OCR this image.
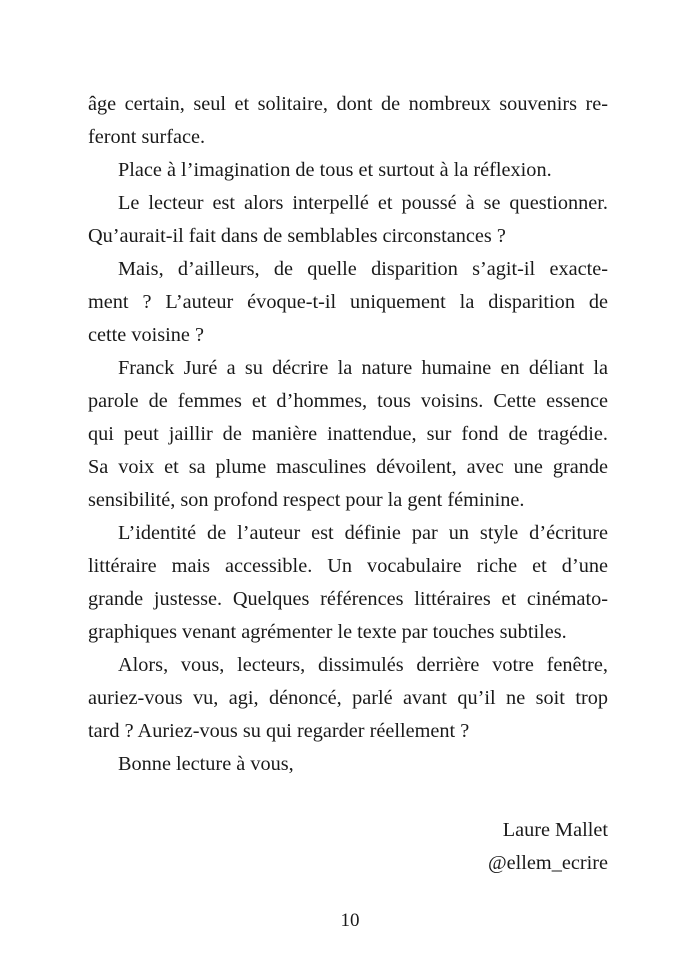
âge certain, seul et solitaire, dont de nombreux souvenirs re-
feront surface.
Place à l’imagination de tous et surtout à la réflexion.
Le lecteur est alors interpellé et poussé à se questionner.
Qu’aurait-il fait dans de semblables circonstances ?
Mais, d’ailleurs, de quelle disparition s’agit-il exacte-
ment ? L’auteur évoque-t-il uniquement la disparition de
cette voisine ?
Franck Juré a su décrire la nature humaine en déliant la
parole de femmes et d’hommes, tous voisins. Cette essence
qui peut jaillir de manière inattendue, sur fond de tragédie.
Sa voix et sa plume masculines dévoilent, avec une grande
sensibilité, son profond respect pour la gent féminine.
L’identité de l’auteur est définie par un style d’écriture
littéraire mais accessible. Un vocabulaire riche et d’une
grande justesse. Quelques références littéraires et cinémato-
graphiques venant agrémenter le texte par touches subtiles.
Alors, vous, lecteurs, dissimulés derrière votre fenêtre,
auriez-vous vu, agi, dénoncé, parlé avant qu’il ne soit trop
tard ? Auriez-vous su qui regarder réellement ?
Bonne lecture à vous,
Laure Mallet
@ellem_ecrire
10
